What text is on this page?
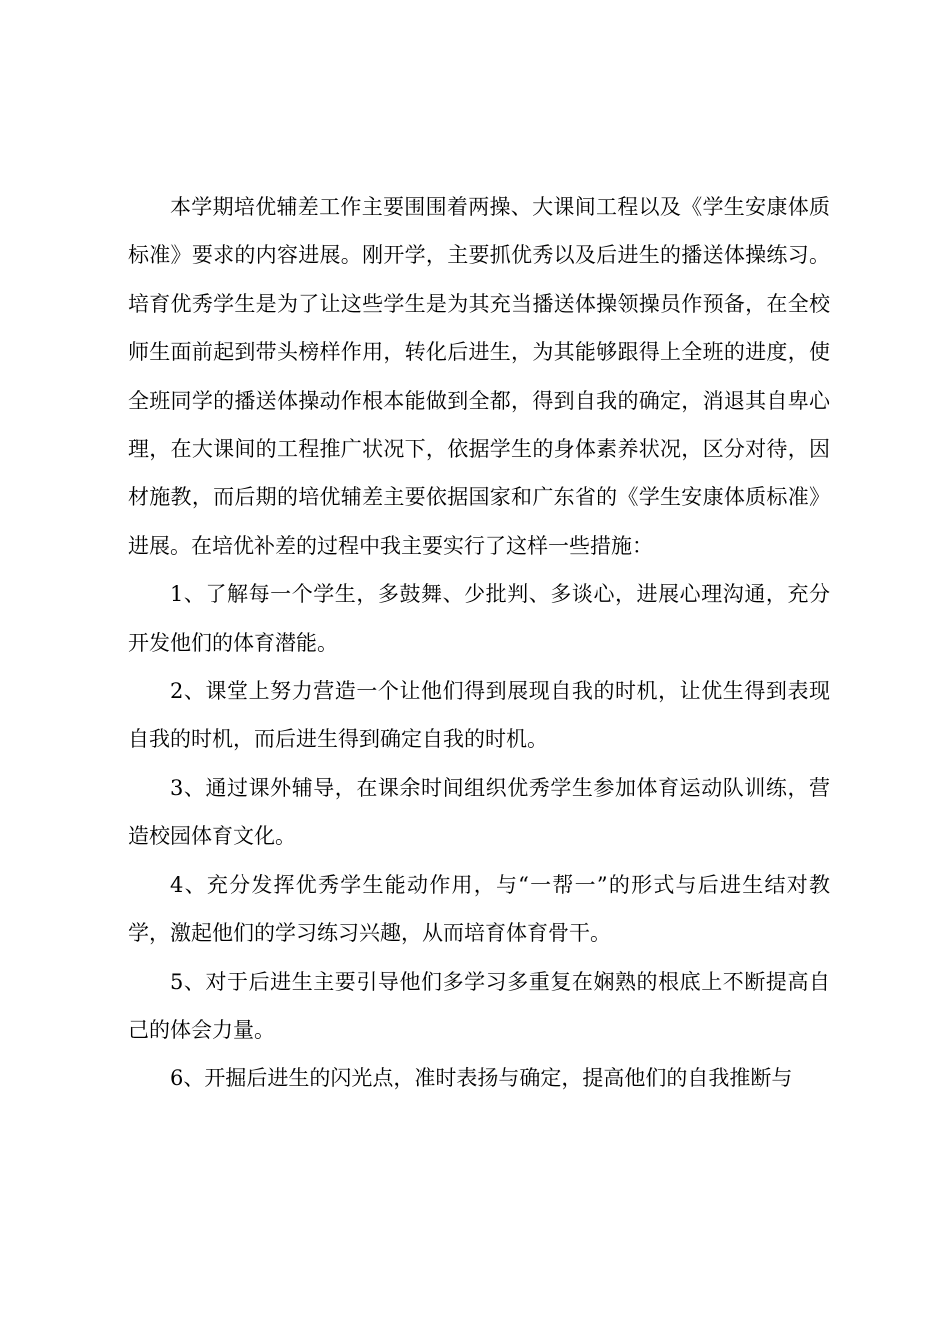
本学期培优辅差工作主要围围着两操、大课间工程以及《学生安康体质标准》要求的内容进展。刚开学，主要抓优秀以及后进生的播送体操练习。培育优秀学生是为了让这些学生是为其充当播送体操领操员作预备，在全校师生面前起到带头榜样作用，转化后进生，为其能够跟得上全班的进度，使全班同学的播送体操动作根本能做到全都，得到自我的确定，消退其自卑心理，在大课间的工程推广状况下，依据学生的身体素养状况，区分对待，因材施教，而后期的培优辅差主要依据国家和广东省的《学生安康体质标准》进展。在培优补差的过程中我主要实行了这样一些措施：

1、了解每一个学生，多鼓舞、少批判、多谈心，进展心理沟通，充分开发他们的体育潜能。

2、课堂上努力营造一个让他们得到展现自我的时机，让优生得到表现自我的时机，而后进生得到确定自我的时机。

3、通过课外辅导，在课余时间组织优秀学生参加体育运动队训练，营造校园体育文化。

4、充分发挥优秀学生能动作用，与“一帮一”的形式与后进生结对教学，激起他们的学习练习兴趣，从而培育体育骨干。

5、对于后进生主要引导他们多学习多重复在娴熟的根底上不断提高自己的体会力量。

6、开掘后进生的闪光点，准时表扬与确定，提高他们的自我推断与
